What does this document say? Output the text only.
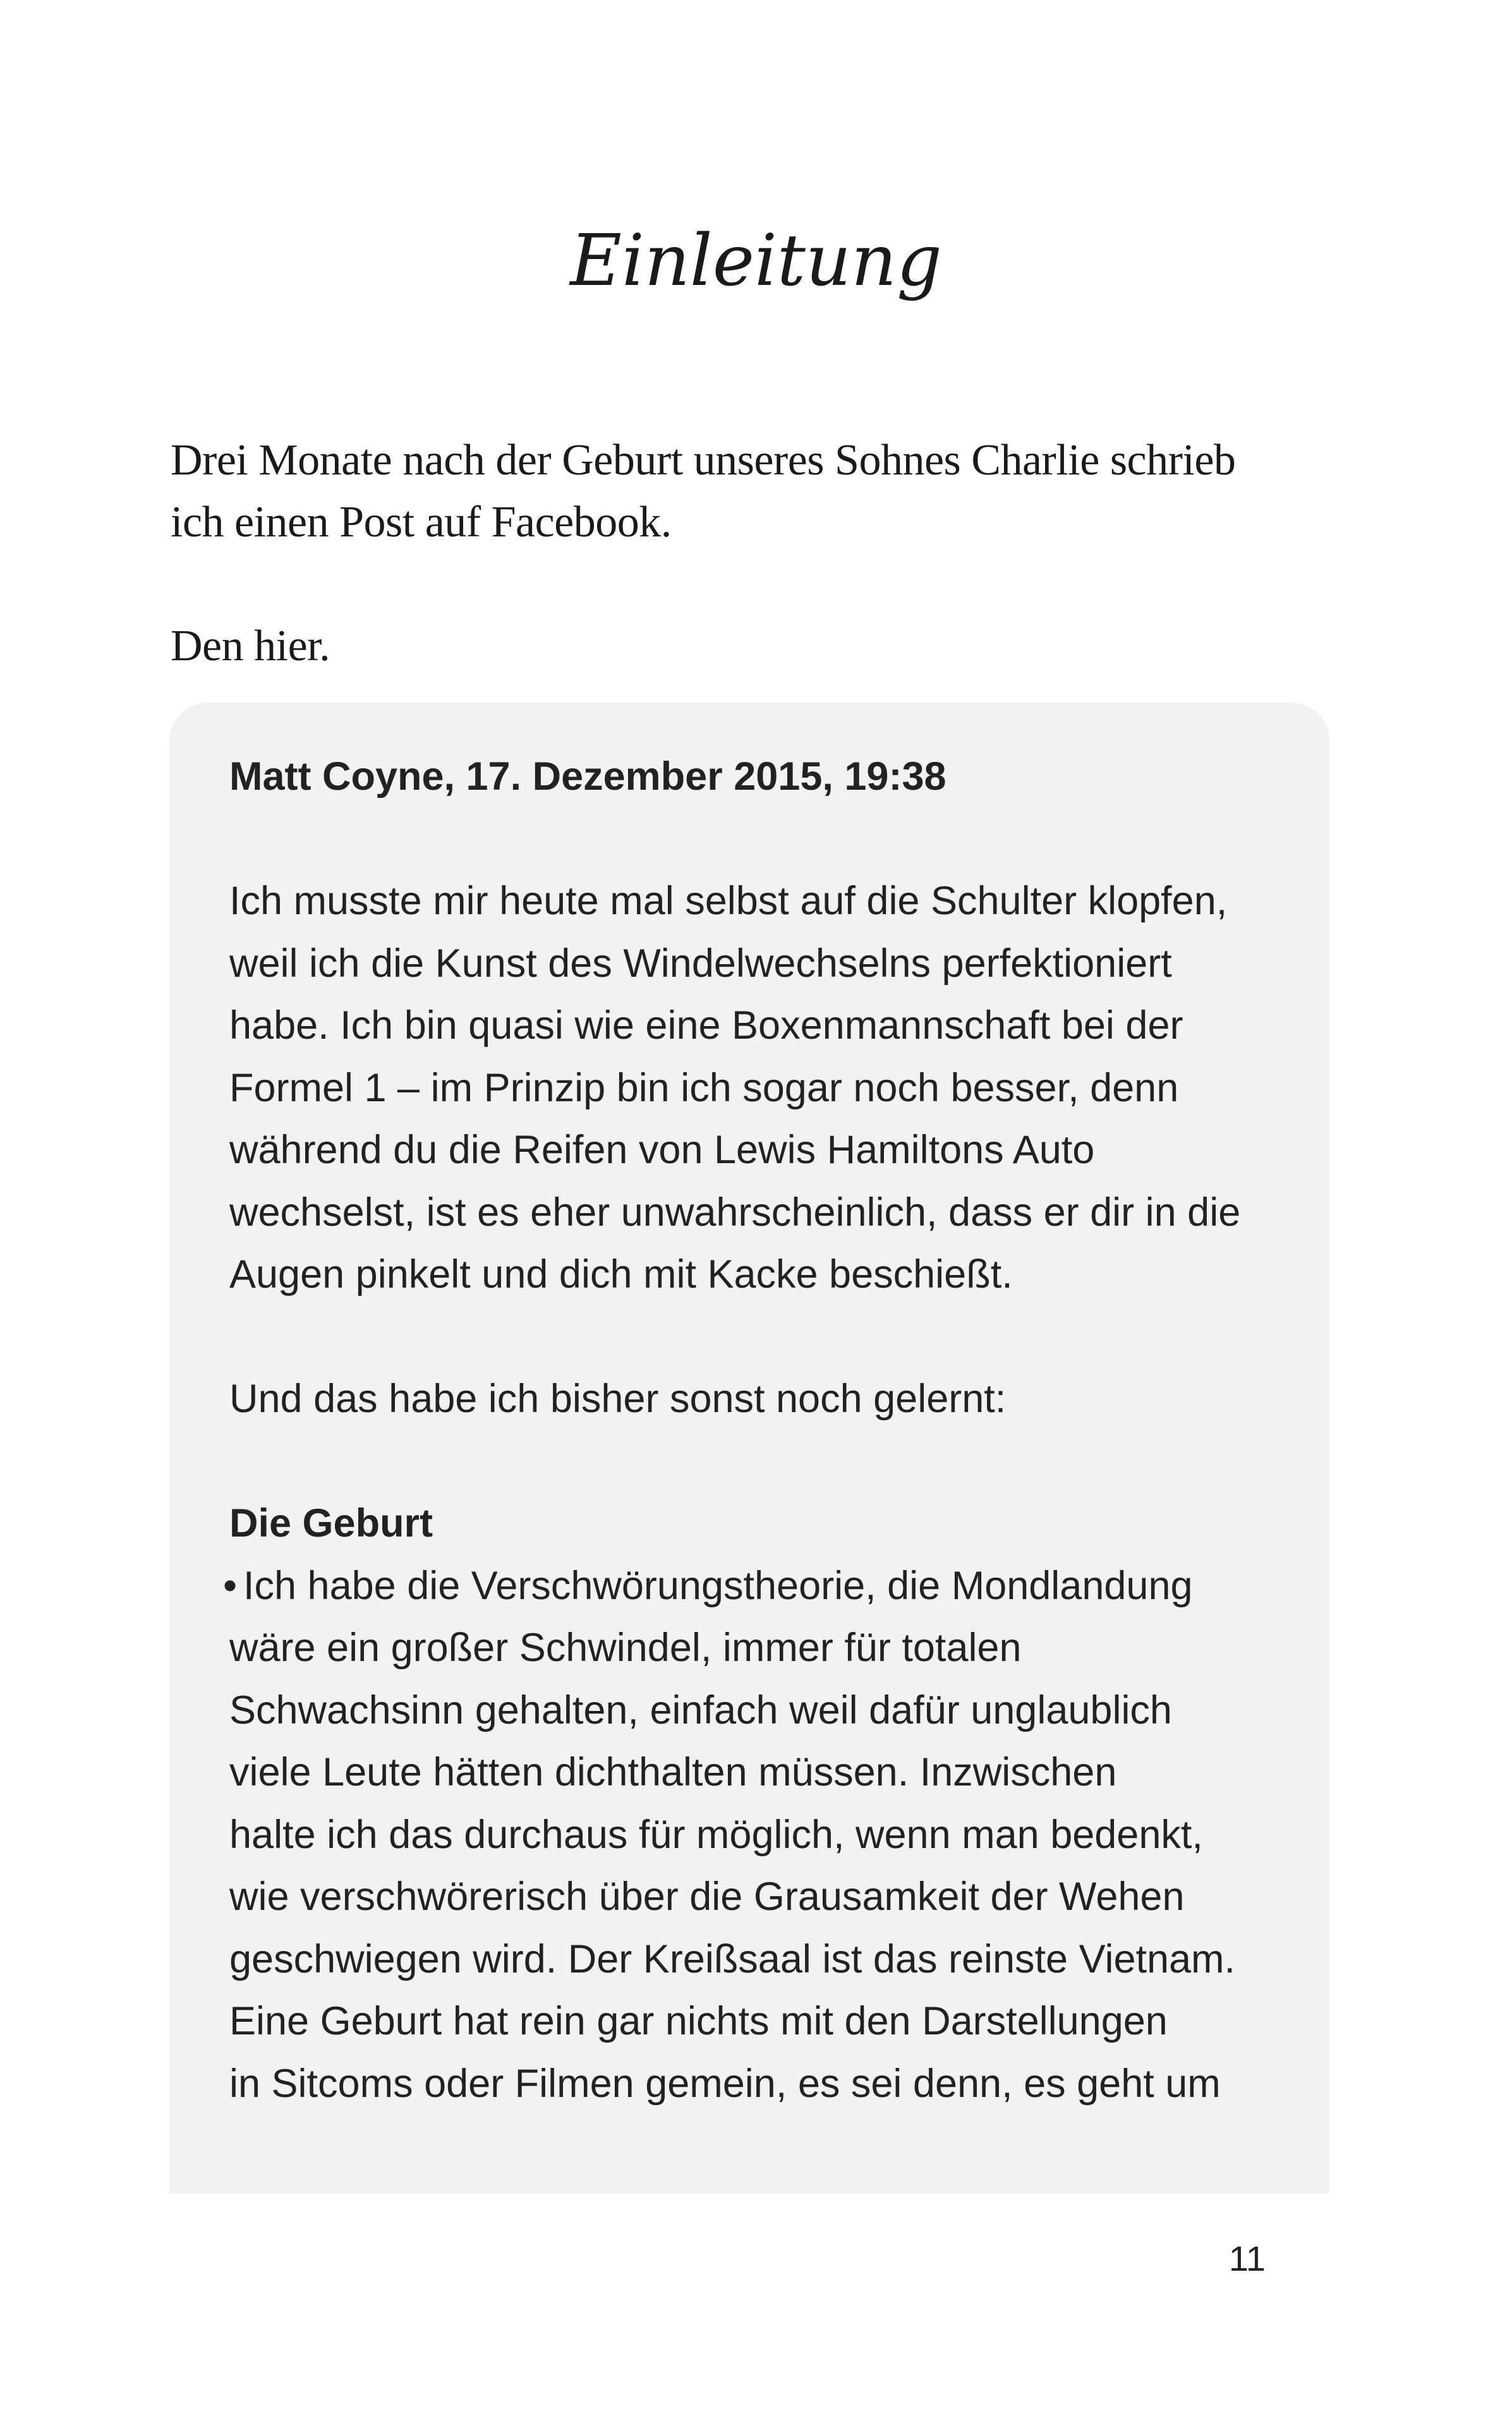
Einleitung

Drei Monate nach der Geburt unseres Sohnes Charlie schrieb
ich einen Post auf Facebook.

Den hier.

Matt Coyne, 17. Dezember 2015, 19:38
Ich musste mir heute mal selbst auf die Schulter klopfen,
weil ich die Kunst des Windelwechselns perfektioniert
habe. Ich bin quasi wie eine Boxenmannschaft bei der
Formel 1 – im Prinzip bin ich sogar noch besser, denn
während du die Reifen von Lewis Hamiltons Auto
wechselst, ist es eher unwahrscheinlich, dass er dir in die
Augen pinkelt und dich mit Kacke beschießt.
Und das habe ich bisher sonst noch gelernt:
Die Geburt
• Ich habe die Verschwörungstheorie, die Mondlandung
wäre ein großer Schwindel, immer für totalen
Schwachsinn gehalten, einfach weil dafür unglaublich
viele Leute hätten dichthalten müssen. Inzwischen
halte ich das durchaus für möglich, wenn man bedenkt,
wie verschwörerisch über die Grausamkeit der Wehen
geschwiegen wird. Der Kreißsaal ist das reinste Vietnam.
Eine Geburt hat rein gar nichts mit den Darstellungen
in Sitcoms oder Filmen gemein, es sei denn, es geht um
11
